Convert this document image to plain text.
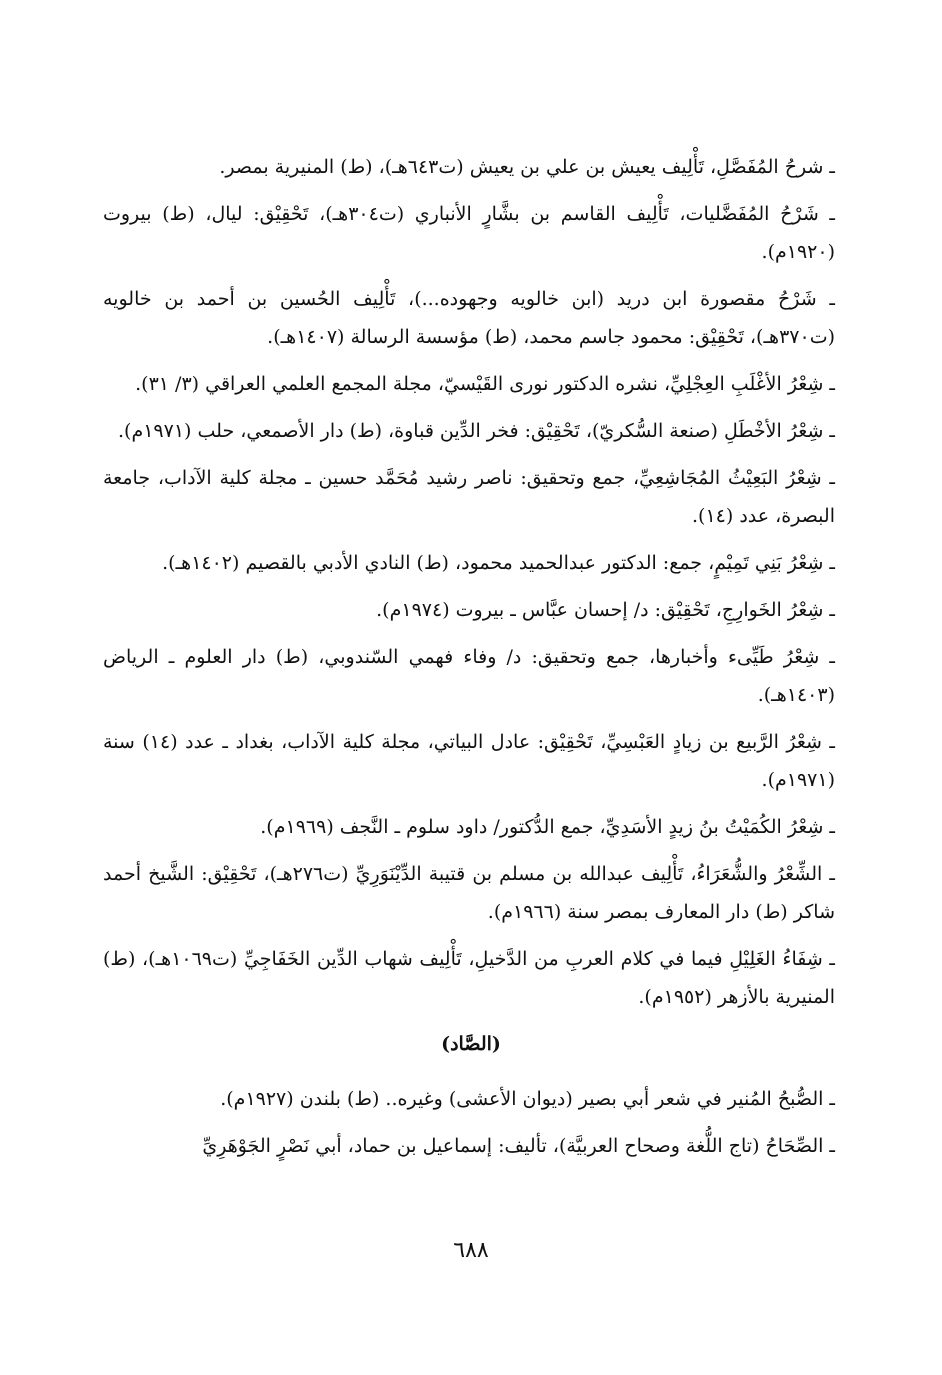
ـ شرحُ المُفَصَّلِ، تَأْلِيف يعيش بن علي بن يعيش (ت٦٤٣هـ)، (ط) المنيرية بمصر.

ـ شَرْحُ المُفَضَّليات، تَأْلِيف القاسم بن بشَّارٍ الأنباري (ت٣٠٤هـ)، تَحْقِيْق: ليال، (ط) بيروت (١٩٢٠م).

ـ شَرْحُ مقصورة ابن دريد (ابن خالويه وجهوده...)، تَأْلِيف الحُسين بن أحمد بن خالويه (ت٣٧٠هـ)، تَحْقِيْق: محمود جاسم محمد، (ط) مؤسسة الرسالة (١٤٠٧هـ).

ـ شِعْرُ الأغْلَبِ العِجْلِيِّ، نشره الدكتور نورى القَيْسيّ، مجلة المجمع العلمي العراقي (٣/ ٣١).

ـ شِعْرُ الأخْطَلِ (صنعة السُّكريّ)، تَحْقِيْق: فخر الدِّين قباوة، (ط) دار الأصمعي، حلب (١٩٧١م).

ـ شِعْرُ البَعِيْثُ المُجَاشِعِيِّ، جمع وتحقيق: ناصر رشيد مُحَمَّد حسين ـ مجلة كلية الآداب، جامعة البصرة، عدد (١٤).

ـ شِعْرُ بَنِي تَمِيْمٍ، جمع: الدكتور عبدالحميد محمود، (ط) النادي الأدبي بالقصيم (١٤٠٢هـ).

ـ شِعْرُ الخَوارِجِ، تَحْقِيْق: د/ إحسان عبَّاس ـ بيروت (١٩٧٤م).

ـ شِعْرُ طَيِّىء وأخبارها، جمع وتحقيق: د/ وفاء فهمي السّندوبي، (ط) دار العلوم ـ الرياض (١٤٠٣هـ).

ـ شِعْرُ الرَّبيع بن زيادٍ العَبْسِيِّ، تَحْقِيْق: عادل البياتي، مجلة كلية الآداب، بغداد ـ عدد (١٤) سنة (١٩٧١م).

ـ شِعْرُ الكُمَيْتُ بنُ زيدٍ الأسَدِيِّ، جمع الدُّكتور/ داود سلوم ـ النَّجف (١٩٦٩م).

ـ الشِّعْرُ والشُّعَرَاءُ، تَأْلِيف عبدالله بن مسلم بن قتيبة الدِّيْنَوَرِيِّ (ت٢٧٦هـ)، تَحْقِيْق: الشَّيخ أحمد شاكر (ط) دار المعارف بمصر سنة (١٩٦٦م).

ـ شِفَاءُ الغَلِيْلِ فيما في كلام العربِ من الدَّخيلِ، تَأْلِيف شهاب الدِّين الخَفَاجِيِّ (ت١٠٦٩هـ)، (ط) المنيرية بالأزهر (١٩٥٢م).

(الصَّاد)

ـ الصُّبحُ المُنير في شعر أبي بصير (ديوان الأعشى) وغيره.. (ط) بلندن (١٩٢٧م).

ـ الصِّحَاحُ (تاج اللُّغة وصحاح العربيَّة)، تأليف: إسماعيل بن حماد، أبي نَصْرٍ الجَوْهَرِيِّ

٦٨٨
